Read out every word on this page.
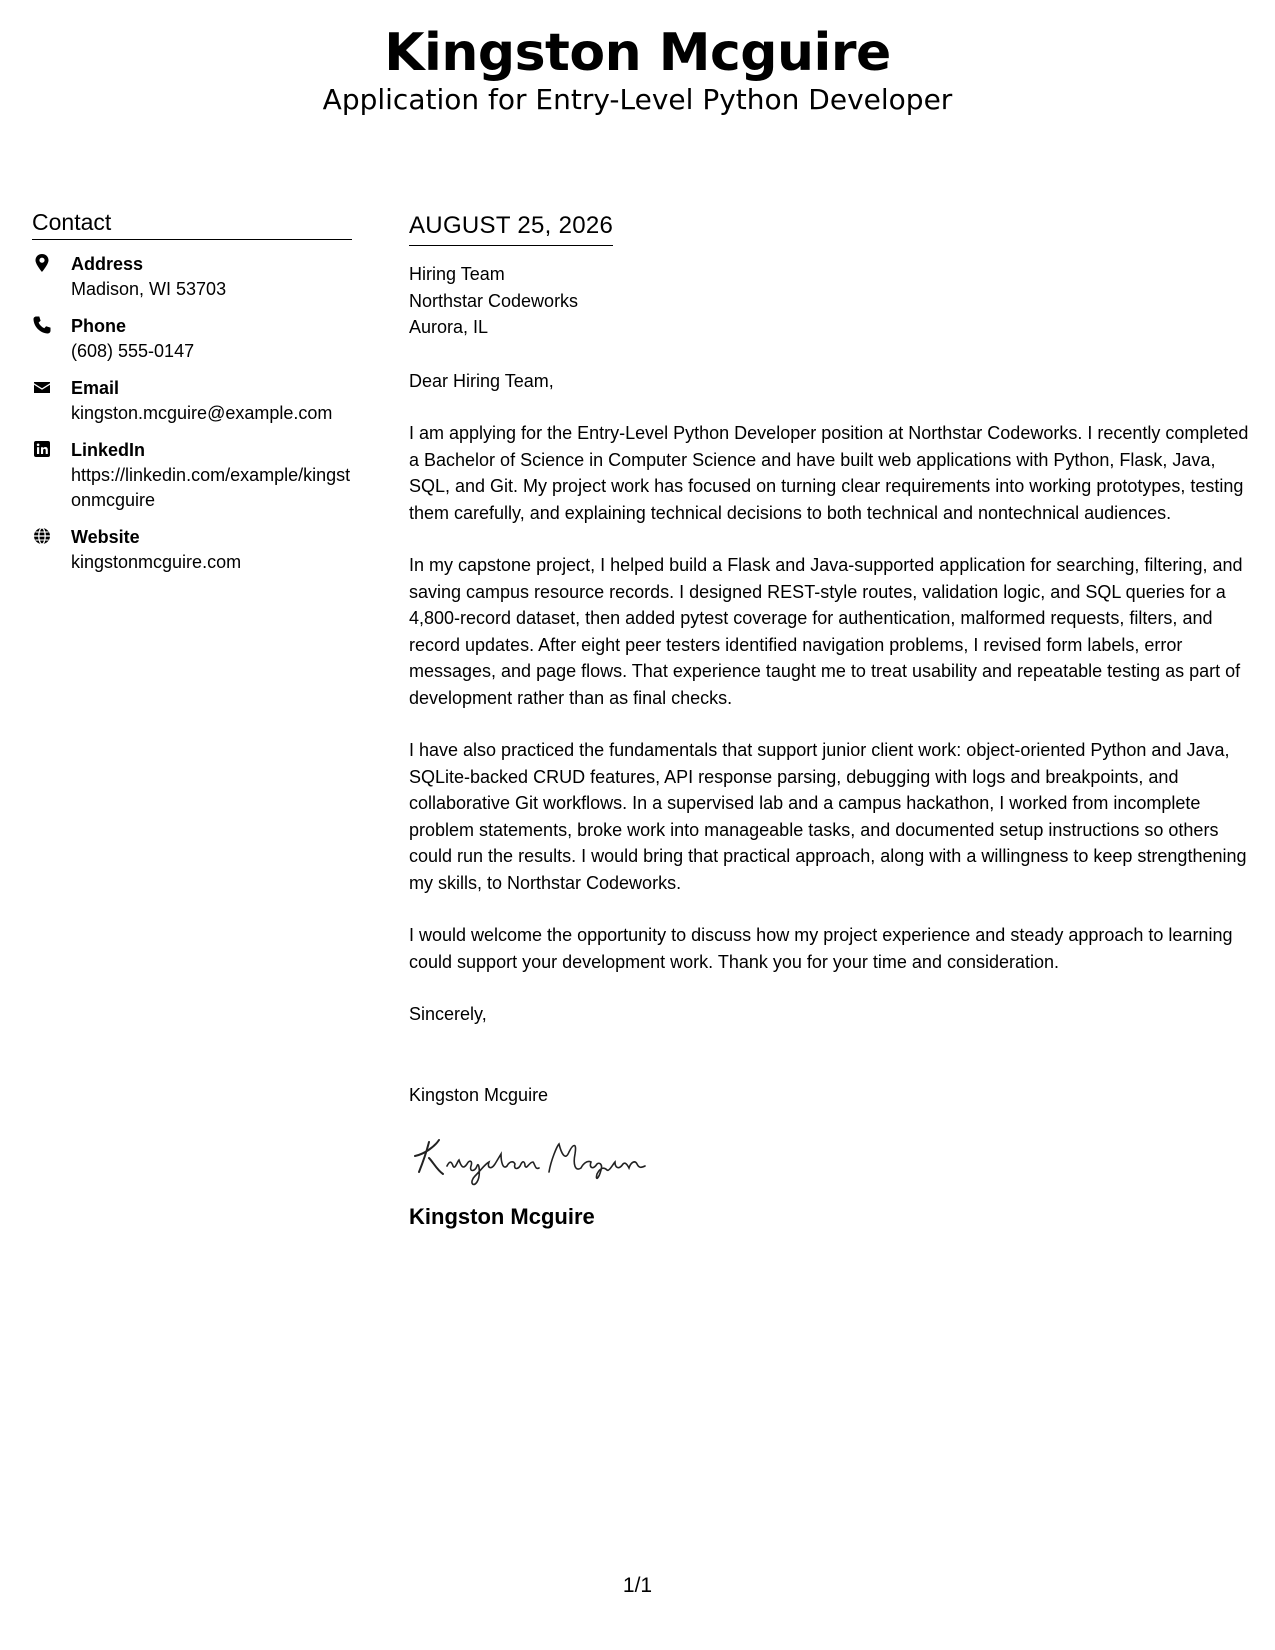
Kingston Mcguire
Application for Entry-Level Python Developer
Contact
Address
Madison, WI 53703
Phone
(608) 555-0147
Email
kingston.mcguire@example.com
LinkedIn
https://linkedin.com/example/kingstonmcguire
Website
kingstonmcguire.com
AUGUST 25, 2026
Hiring Team
Northstar Codeworks
Aurora, IL
Dear Hiring Team,
I am applying for the Entry-Level Python Developer position at Northstar Codeworks. I recently completed a Bachelor of Science in Computer Science and have built web applications with Python, Flask, Java, SQL, and Git. My project work has focused on turning clear requirements into working prototypes, testing them carefully, and explaining technical decisions to both technical and nontechnical audiences.
In my capstone project, I helped build a Flask and Java-supported application for searching, filtering, and saving campus resource records. I designed REST-style routes, validation logic, and SQL queries for a 4,800-record dataset, then added pytest coverage for authentication, malformed requests, filters, and record updates. After eight peer testers identified navigation problems, I revised form labels, error messages, and page flows. That experience taught me to treat usability and repeatable testing as part of development rather than as final checks.
I have also practiced the fundamentals that support junior client work: object-oriented Python and Java, SQLite-backed CRUD features, API response parsing, debugging with logs and breakpoints, and collaborative Git workflows. In a supervised lab and a campus hackathon, I worked from incomplete problem statements, broke work into manageable tasks, and documented setup instructions so others could run the results. I would bring that practical approach, along with a willingness to keep strengthening my skills, to Northstar Codeworks.
I would welcome the opportunity to discuss how my project experience and steady approach to learning could support your development work. Thank you for your time and consideration.
Sincerely,
Kingston Mcguire
Kingston Mcguire
1/1
